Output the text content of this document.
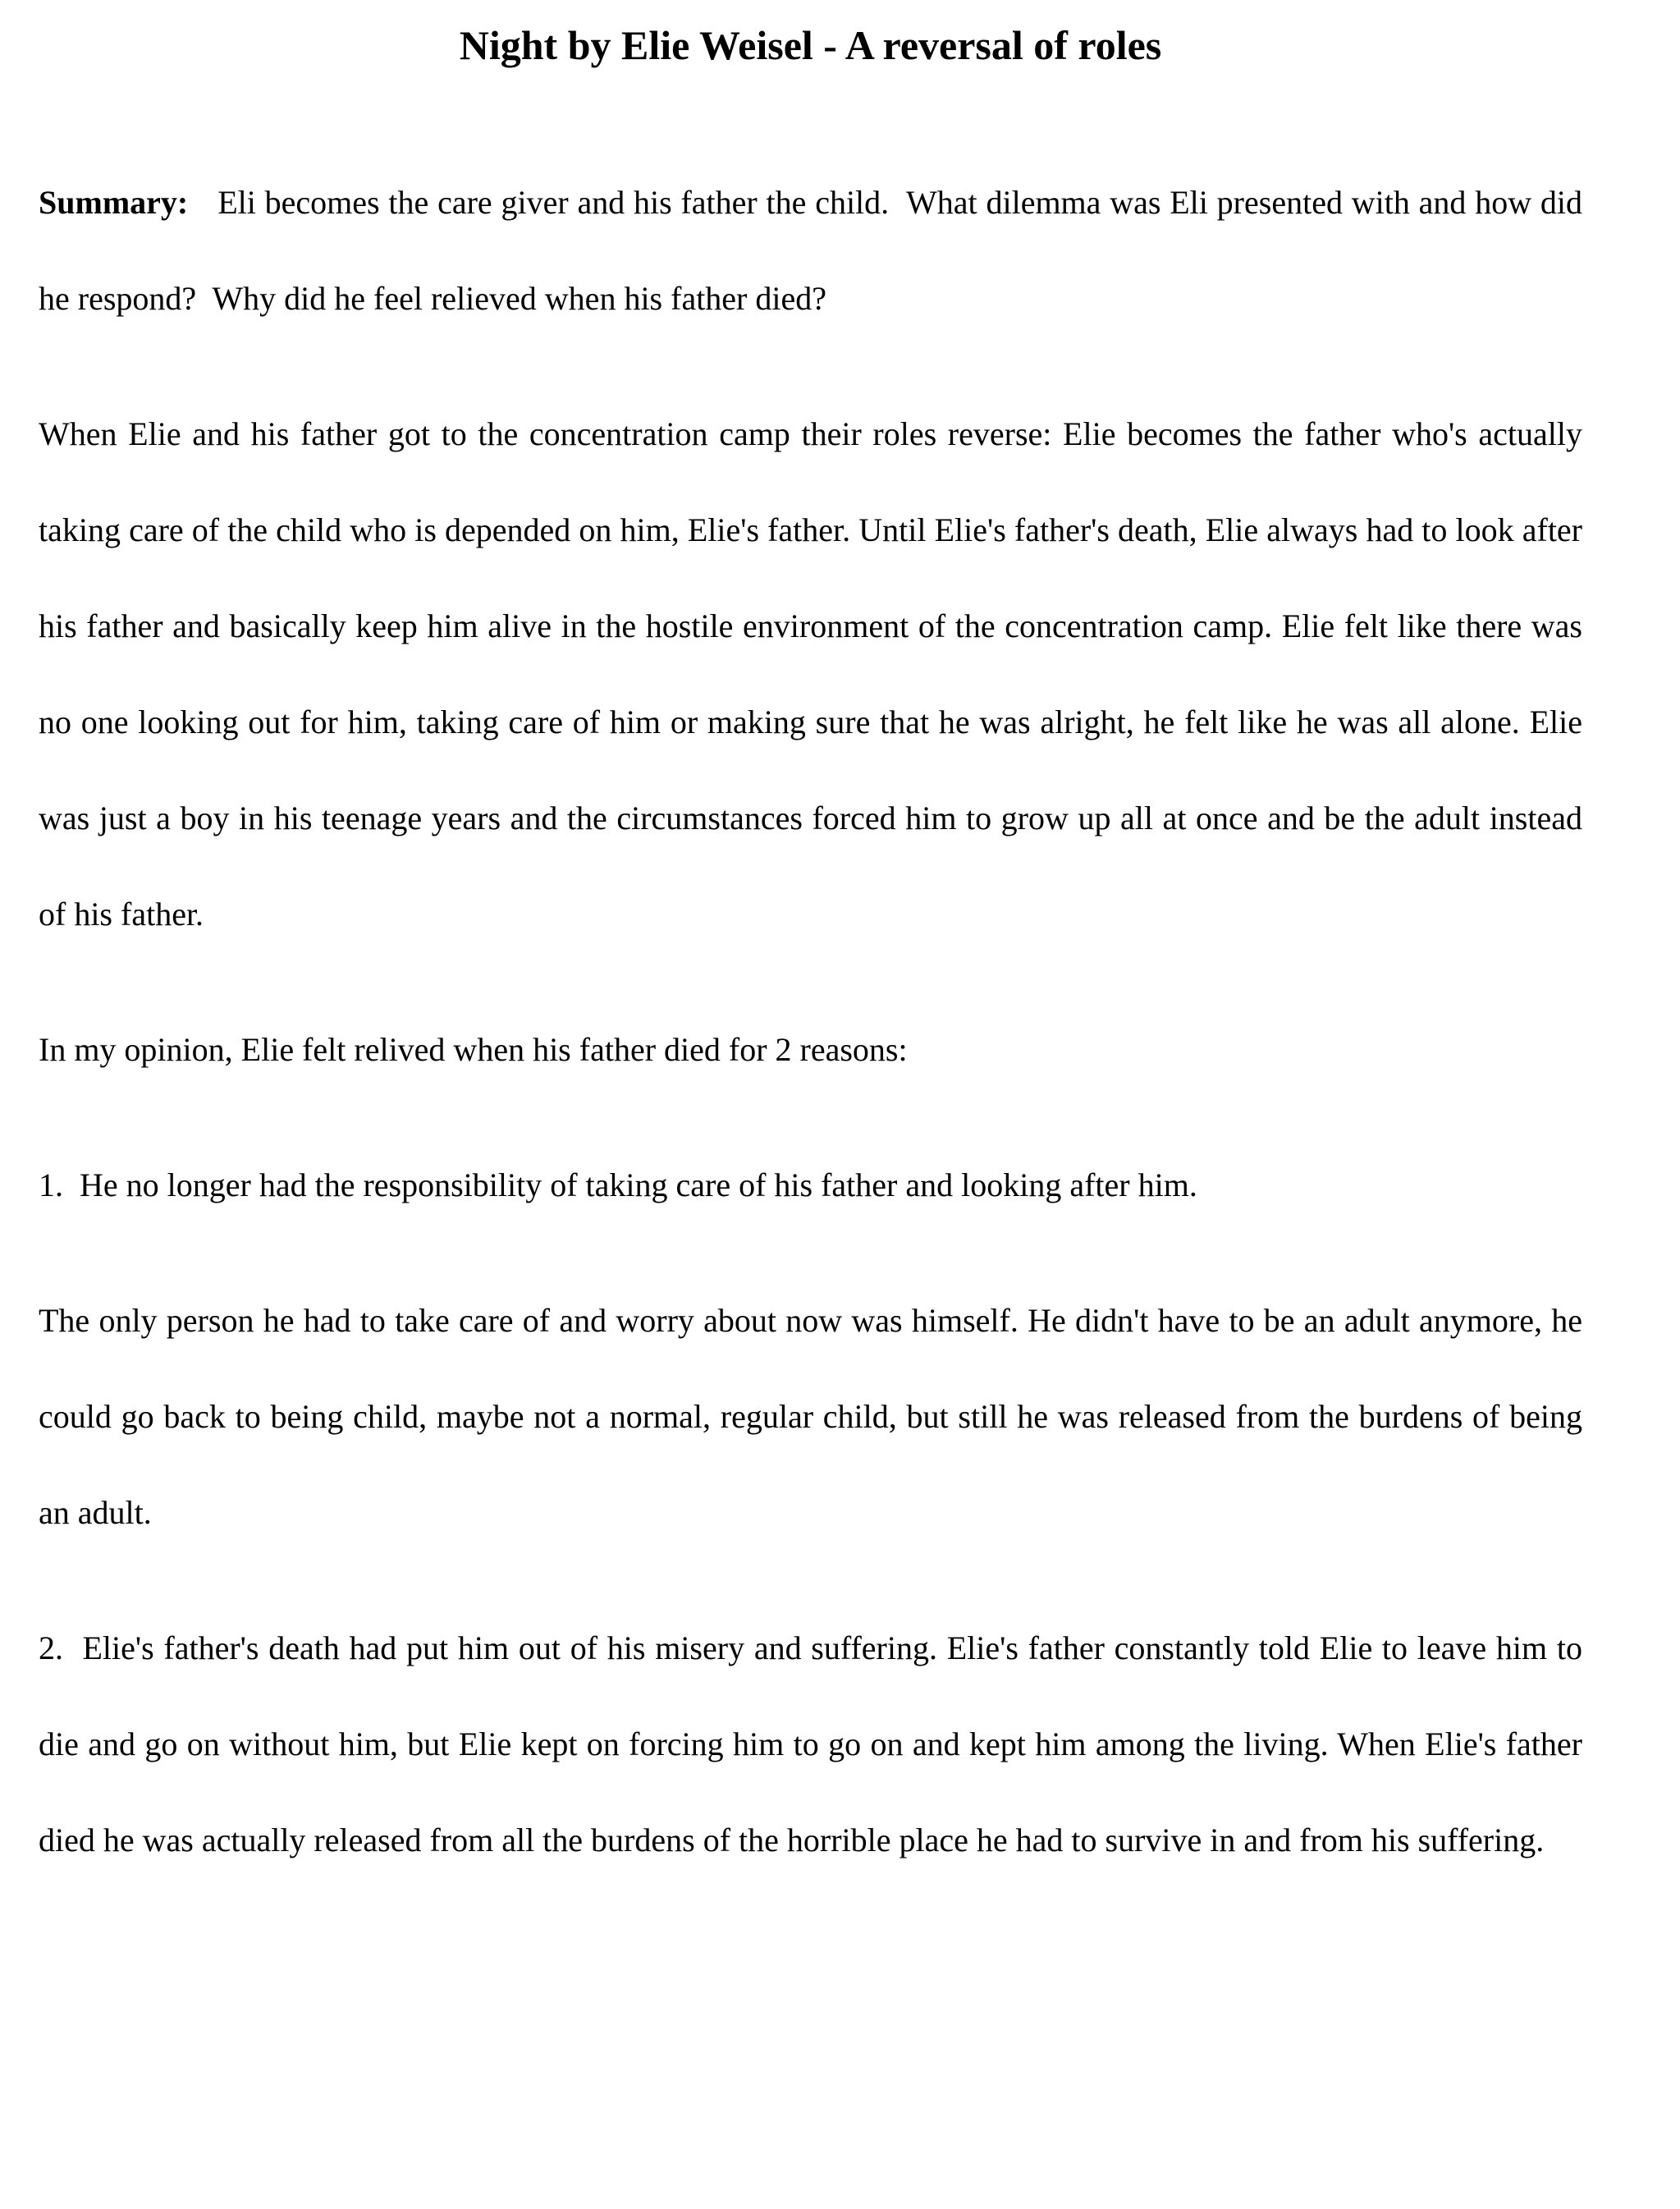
Night by Elie Weisel - A reversal of roles

Summary: Eli becomes the care giver and his father the child.  What dilemma was Eli presented with and how did he respond?  Why did he feel relieved when his father died?

When Elie and his father got to the concentration camp their roles reverse: Elie becomes the father who's actually taking care of the child who is depended on him, Elie's father. Until Elie's father's death, Elie always had to look after his father and basically keep him alive in the hostile environment of the concentration camp. Elie felt like there was no one looking out for him, taking care of him or making sure that he was alright, he felt like he was all alone. Elie was just a boy in his teenage years and the circumstances forced him to grow up all at once and be the adult instead of his father.

In my opinion, Elie felt relived when his father died for 2 reasons:

1.  He no longer had the responsibility of taking care of his father and looking after him.

The only person he had to take care of and worry about now was himself. He didn't have to be an adult anymore, he could go back to being child, maybe not a normal, regular child, but still he was released from the burdens of being an adult.

2.  Elie's father's death had put him out of his misery and suffering. Elie's father constantly told Elie to leave him to die and go on without him, but Elie kept on forcing him to go on and kept him among the living. When Elie's father died he was actually released from all the burdens of the horrible place he had to survive in and from his suffering.
